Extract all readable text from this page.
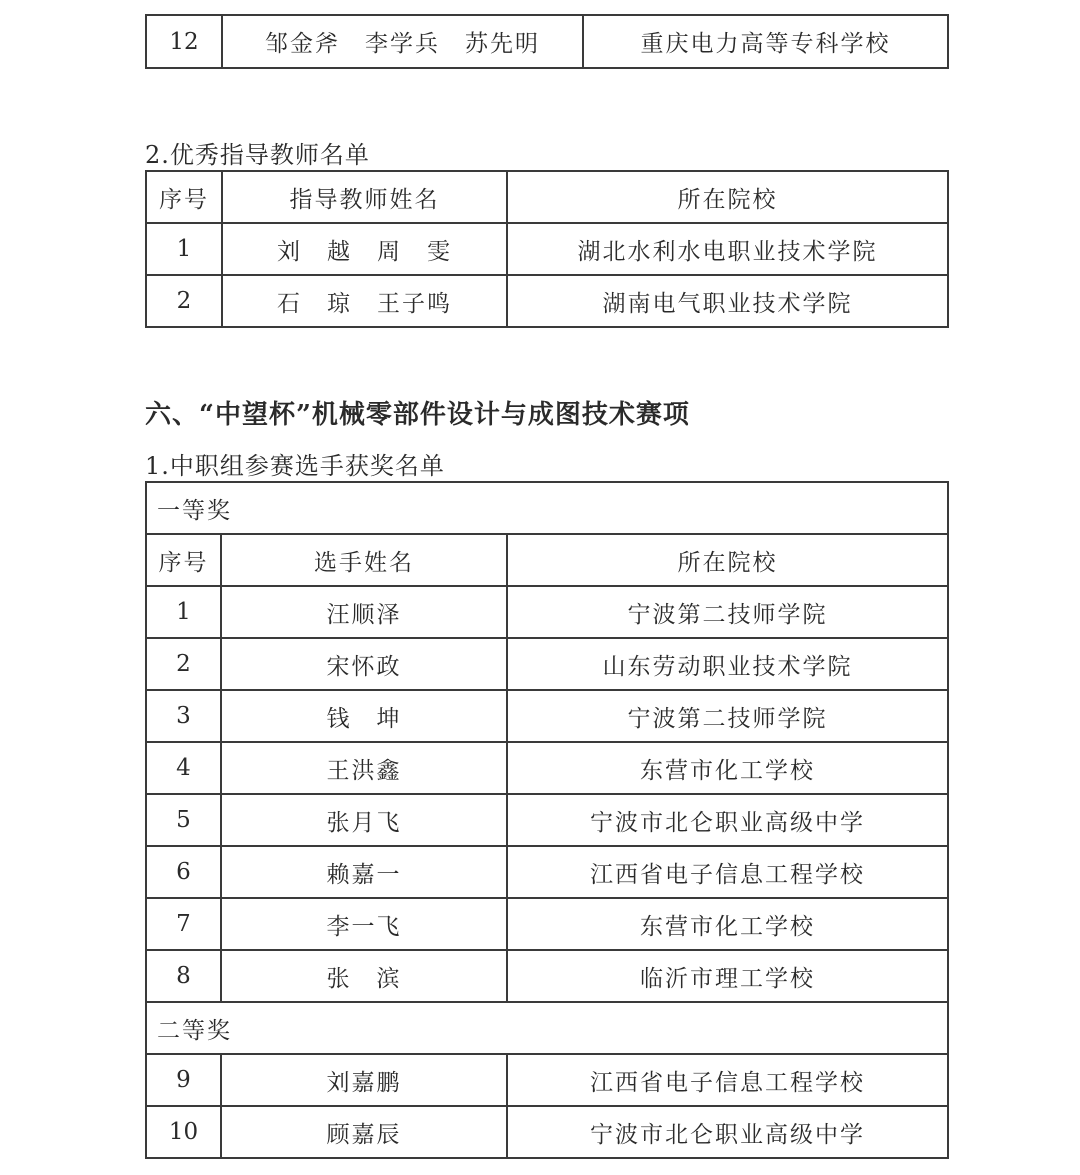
12	邹金斧　李学兵　苏先明	重庆电力高等专科学校
2.优秀指导教师名单
序号	指导教师姓名	所在院校
1	刘　越　周　雯	湖北水利水电职业技术学院
2	石　琼　王子鸣	湖南电气职业技术学院
六、“中望杯”机械零部件设计与成图技术赛项
1.中职组参赛选手获奖名单
一等奖		
序号	选手姓名	所在院校
1	汪顺泽	宁波第二技师学院
2	宋怀政	山东劳动职业技术学院
3	钱　坤	宁波第二技师学院
4	王洪鑫	东营市化工学校
5	张月飞	宁波市北仑职业高级中学
6	赖嘉一	江西省电子信息工程学校
7	李一飞	东营市化工学校
8	张　滨	临沂市理工学校
二等奖		
9	刘嘉鹏	江西省电子信息工程学校
10	顾嘉辰	宁波市北仑职业高级中学
